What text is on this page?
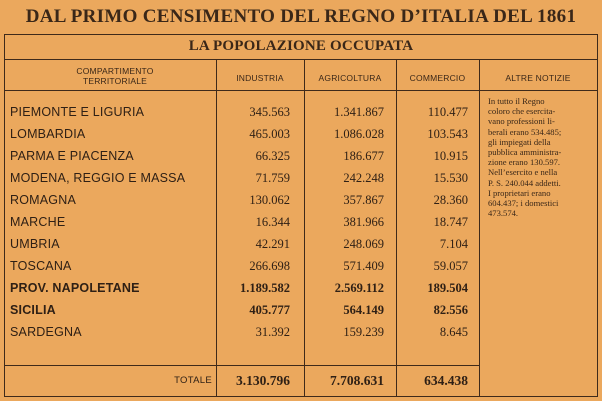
DAL PRIMO CENSIMENTO DEL REGNO D’ITALIA DEL 1861
LA POPOLAZIONE OCCUPATA
COMPARTIMENTO
TERRITORIALE	INDUSTRIA	AGRICOLTURA	COMMERCIO	ALTRE NOTIZIE
PIEMONTE E LIGURIA	345.563	1.341.867	110.477
LOMBARDIA	465.003	1.086.028	103.543
PARMA E PIACENZA	66.325	186.677	10.915
MODENA, REGGIO E MASSA	71.759	242.248	15.530
ROMAGNA	130.062	357.867	28.360
MARCHE	16.344	381.966	18.747
UMBRIA	42.291	248.069	7.104
TOSCANA	266.698	571.409	59.057
PROV. NAPOLETANE	1.189.582	2.569.112	189.504
SICILIA	405.777	564.149	82.556
SARDEGNA	31.392	159.239	8.645
In tutto il Regno
coloro che esercita-
vano professioni li-
berali erano 534.485;
gli impiegati della
pubblica amministra-
zione erano 130.597.
Nell’esercito e nella
P. S. 240.044 addetti.
I proprietari erano
604.437; i domestici
473.574.
TOTALE	3.130.796	7.708.631	634.438
